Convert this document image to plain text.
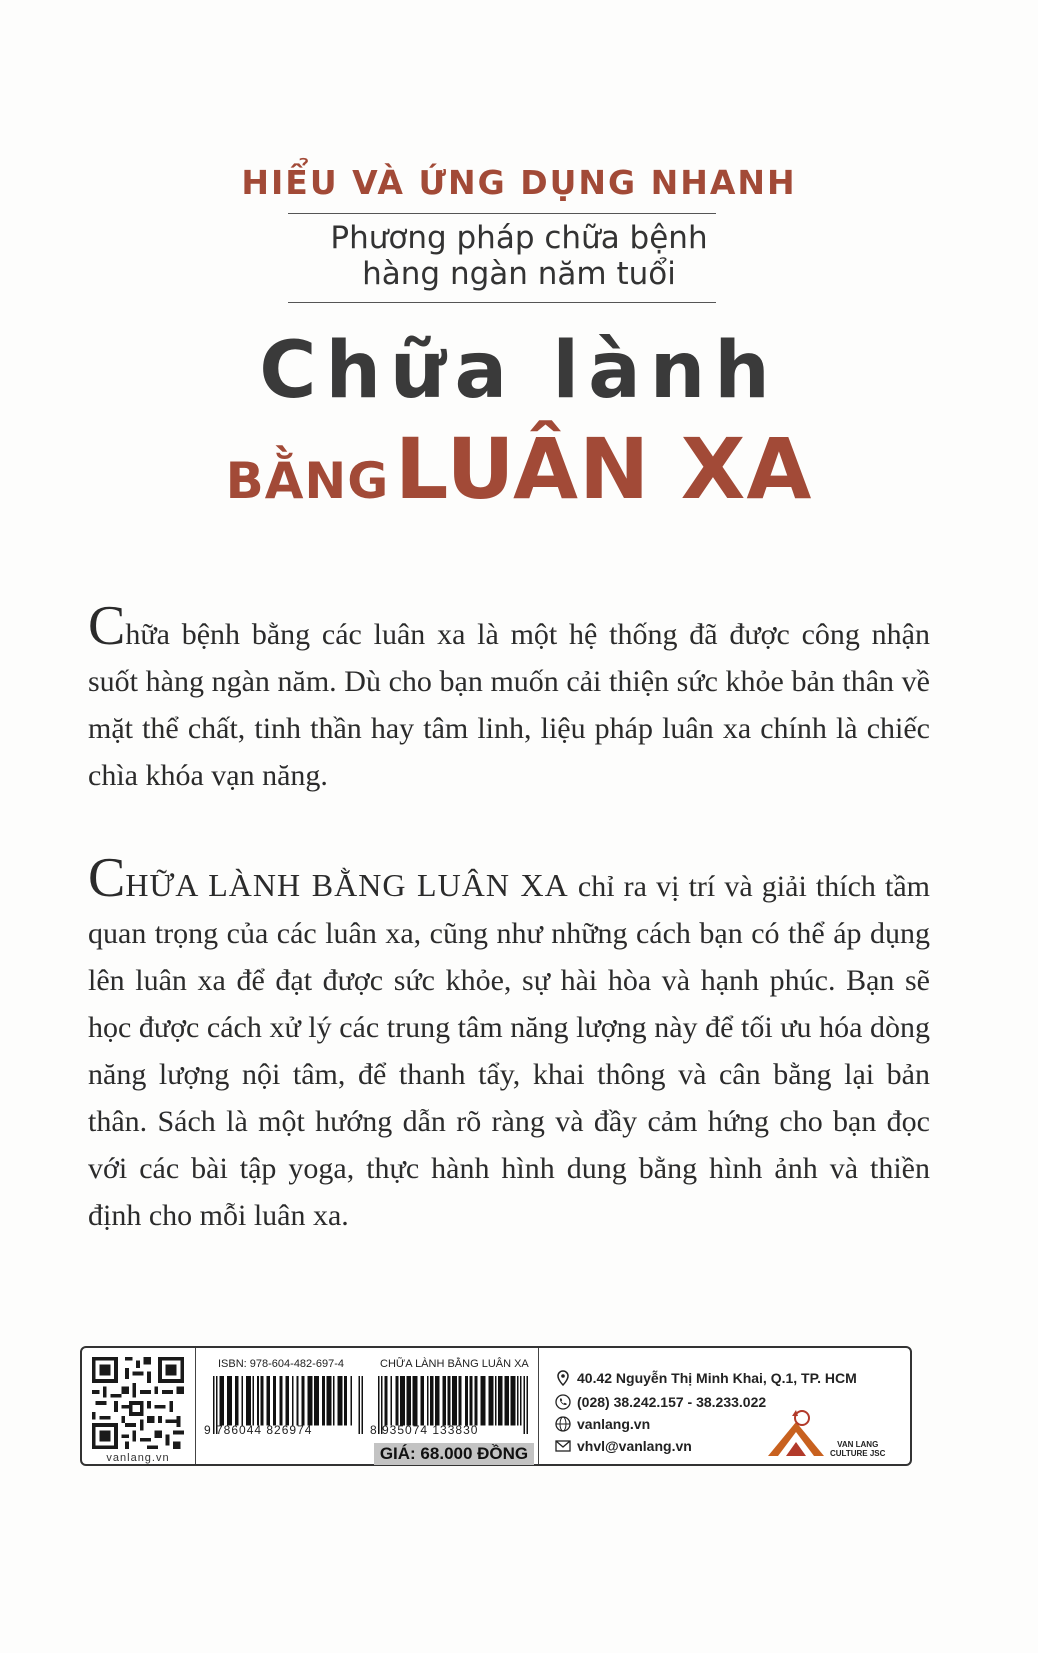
HIỂU VÀ ỨNG DỤNG NHANH
Phương pháp chữa bệnh
hàng ngàn năm tuổi
Chữa lành
BẰNG LUÂN XA
Chữa bệnh bằng các luân xa là một hệ thống đã được công nhận suốt hàng ngàn năm. Dù cho bạn muốn cải thiện sức khỏe bản thân về mặt thể chất, tinh thần hay tâm linh, liệu pháp luân xa chính là chiếc chìa khóa vạn năng.
CHỮA LÀNH BẰNG LUÂN XA chỉ ra vị trí và giải thích tầm quan trọng của các luân xa, cũng như những cách bạn có thể áp dụng lên luân xa để đạt được sức khỏe, sự hài hòa và hạnh phúc. Bạn sẽ học được cách xử lý các trung tâm năng lượng này để tối ưu hóa dòng năng lượng nội tâm, để thanh tẩy, khai thông và cân bằng lại bản thân. Sách là một hướng dẫn rõ ràng và đầy cảm hứng cho bạn đọc với các bài tập yoga, thực hành hình dung bằng hình ảnh và thiền định cho mỗi luân xa.
vanlang.vn
ISBN: 978-604-482-697-4	CHỮA LÀNH BẰNG LUÂN XA
9 786044 826974	8 935074 133830
GIÁ: 68.000 ĐỒNG
40.42 Nguyễn Thị Minh Khai, Q.1, TP. HCM
(028) 38.242.157 - 38.233.022
vanlang.vn
vhvl@vanlang.vn	VAN LANG
CULTURE JSC
